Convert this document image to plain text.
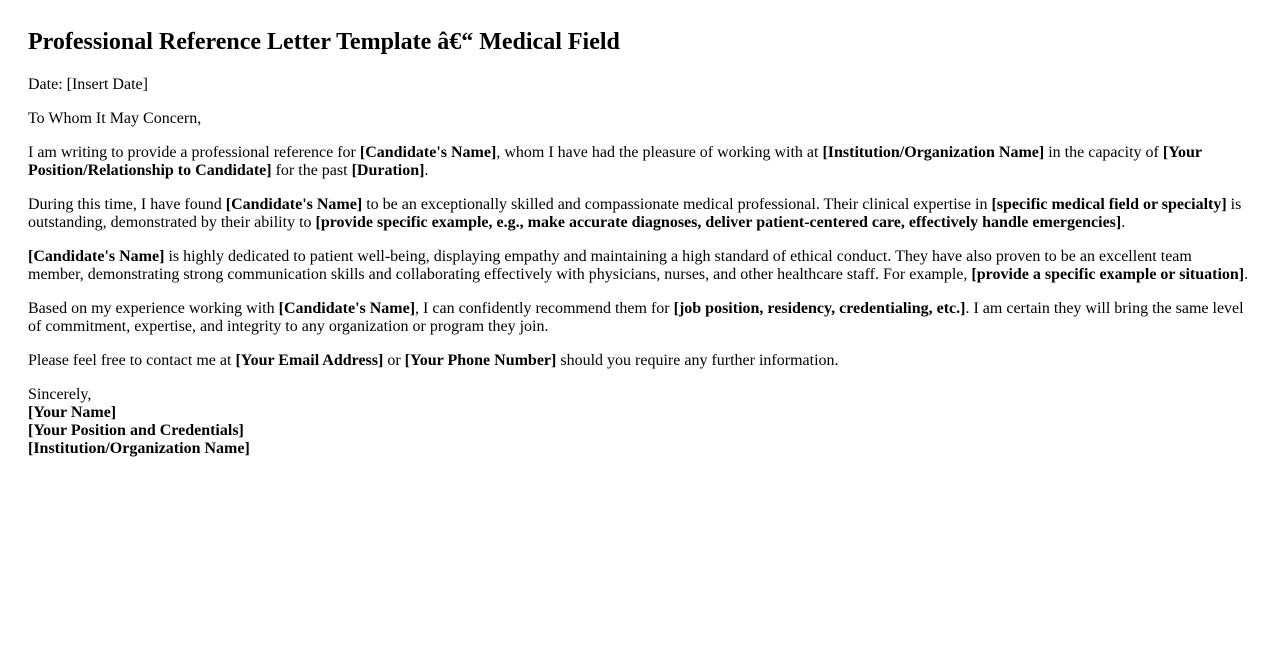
Professional Reference Letter Template â€“ Medical Field

Date: [Insert Date]

To Whom It May Concern,

I am writing to provide a professional reference for [Candidate's Name], whom I have had the pleasure of working with at [Institution/Organization Name] in the capacity of [Your Position/Relationship to Candidate] for the past [Duration].

During this time, I have found [Candidate's Name] to be an exceptionally skilled and compassionate medical professional. Their clinical expertise in [specific medical field or specialty] is outstanding, demonstrated by their ability to [provide specific example, e.g., make accurate diagnoses, deliver patient-centered care, effectively handle emergencies].

[Candidate's Name] is highly dedicated to patient well-being, displaying empathy and maintaining a high standard of ethical conduct. They have also proven to be an excellent team member, demonstrating strong communication skills and collaborating effectively with physicians, nurses, and other healthcare staff. For example, [provide a specific example or situation].

Based on my experience working with [Candidate's Name], I can confidently recommend them for [job position, residency, credentialing, etc.]. I am certain they will bring the same level of commitment, expertise, and integrity to any organization or program they join.

Please feel free to contact me at [Your Email Address] or [Your Phone Number] should you require any further information.

Sincerely,
[Your Name]
[Your Position and Credentials]
[Institution/Organization Name]
